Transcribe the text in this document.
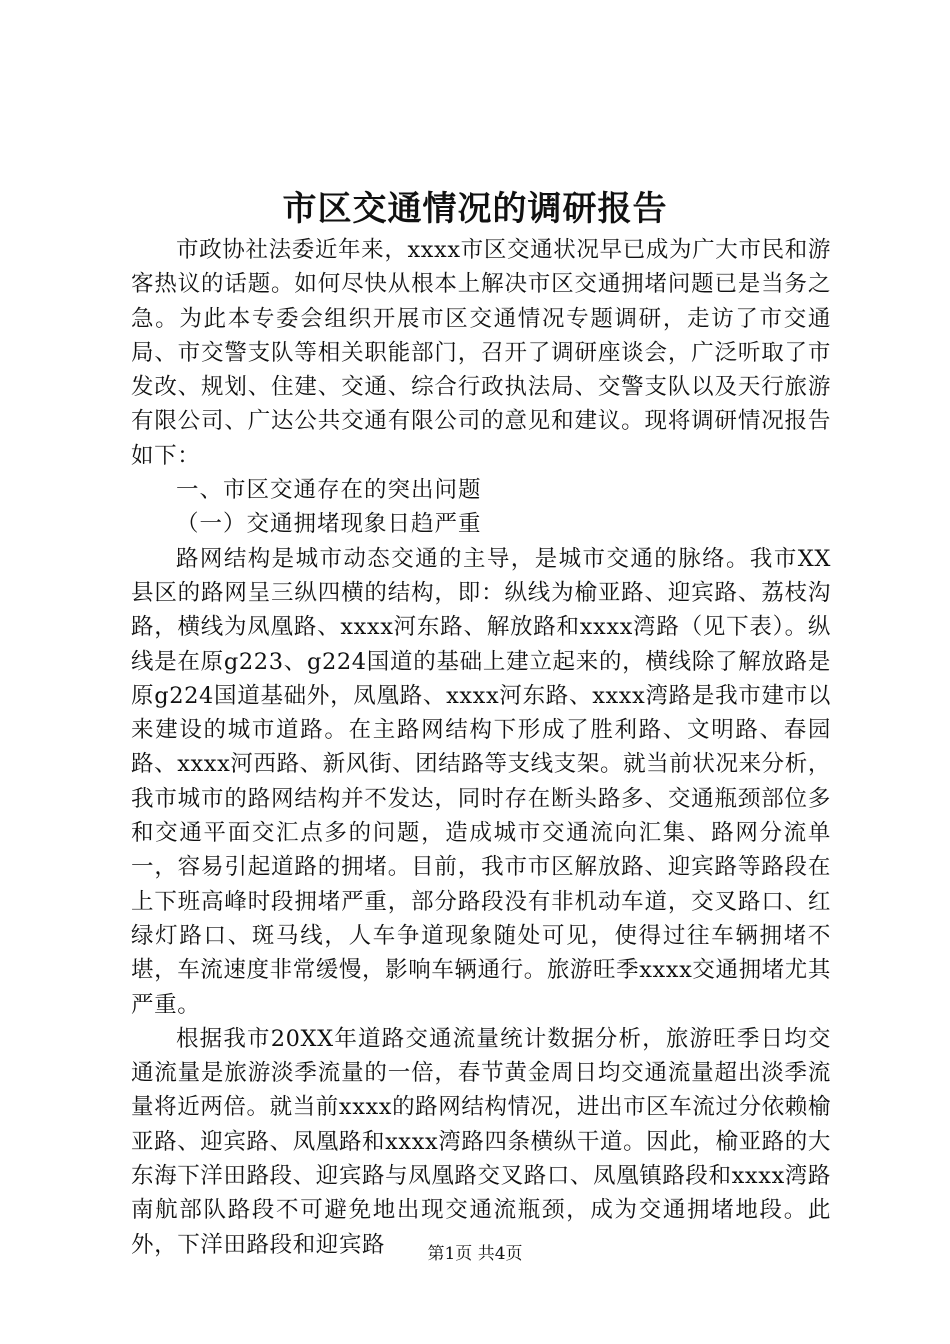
市区交通情况的调研报告

市政协社法委近年来，xxxx市区交通状况早已成为广大市民和游客热议的话题。如何尽快从根本上解决市区交通拥堵问题已是当务之急。为此本专委会组织开展市区交通情况专题调研，走访了市交通局、市交警支队等相关职能部门，召开了调研座谈会，广泛听取了市发改、规划、住建、交通、综合行政执法局、交警支队以及天行旅游有限公司、广达公共交通有限公司的意见和建议。现将调研情况报告如下：

一、市区交通存在的突出问题

（一）交通拥堵现象日趋严重

路网结构是城市动态交通的主导，是城市交通的脉络。我市XX县区的路网呈三纵四横的结构，即：纵线为榆亚路、迎宾路、荔枝沟路，横线为凤凰路、xxxx河东路、解放路和xxxx湾路（见下表）。纵线是在原g223、g224国道的基础上建立起来的，横线除了解放路是原g224国道基础外，凤凰路、xxxx河东路、xxxx湾路是我市建市以来建设的城市道路。在主路网结构下形成了胜利路、文明路、春园路、xxxx河西路、新风街、团结路等支线支架。就当前状况来分析，我市城市的路网结构并不发达，同时存在断头路多、交通瓶颈部位多和交通平面交汇点多的问题，造成城市交通流向汇集、路网分流单一，容易引起道路的拥堵。目前，我市市区解放路、迎宾路等路段在上下班高峰时段拥堵严重，部分路段没有非机动车道，交叉路口、红绿灯路口、斑马线，人车争道现象随处可见，使得过往车辆拥堵不堪，车流速度非常缓慢，影响车辆通行。旅游旺季xxxx交通拥堵尤其严重。

根据我市20XX年道路交通流量统计数据分析，旅游旺季日均交通流量是旅游淡季流量的一倍，春节黄金周日均交通流量超出淡季流量将近两倍。就当前xxxx的路网结构情况，进出市区车流过分依赖榆亚路、迎宾路、凤凰路和xxxx湾路四条横纵干道。因此，榆亚路的大东海下洋田路段、迎宾路与凤凰路交叉路口、凤凰镇路段和xxxx湾路南航部队路段不可避免地出现交通流瓶颈，成为交通拥堵地段。此外，下洋田路段和迎宾路	第1页 共4页
